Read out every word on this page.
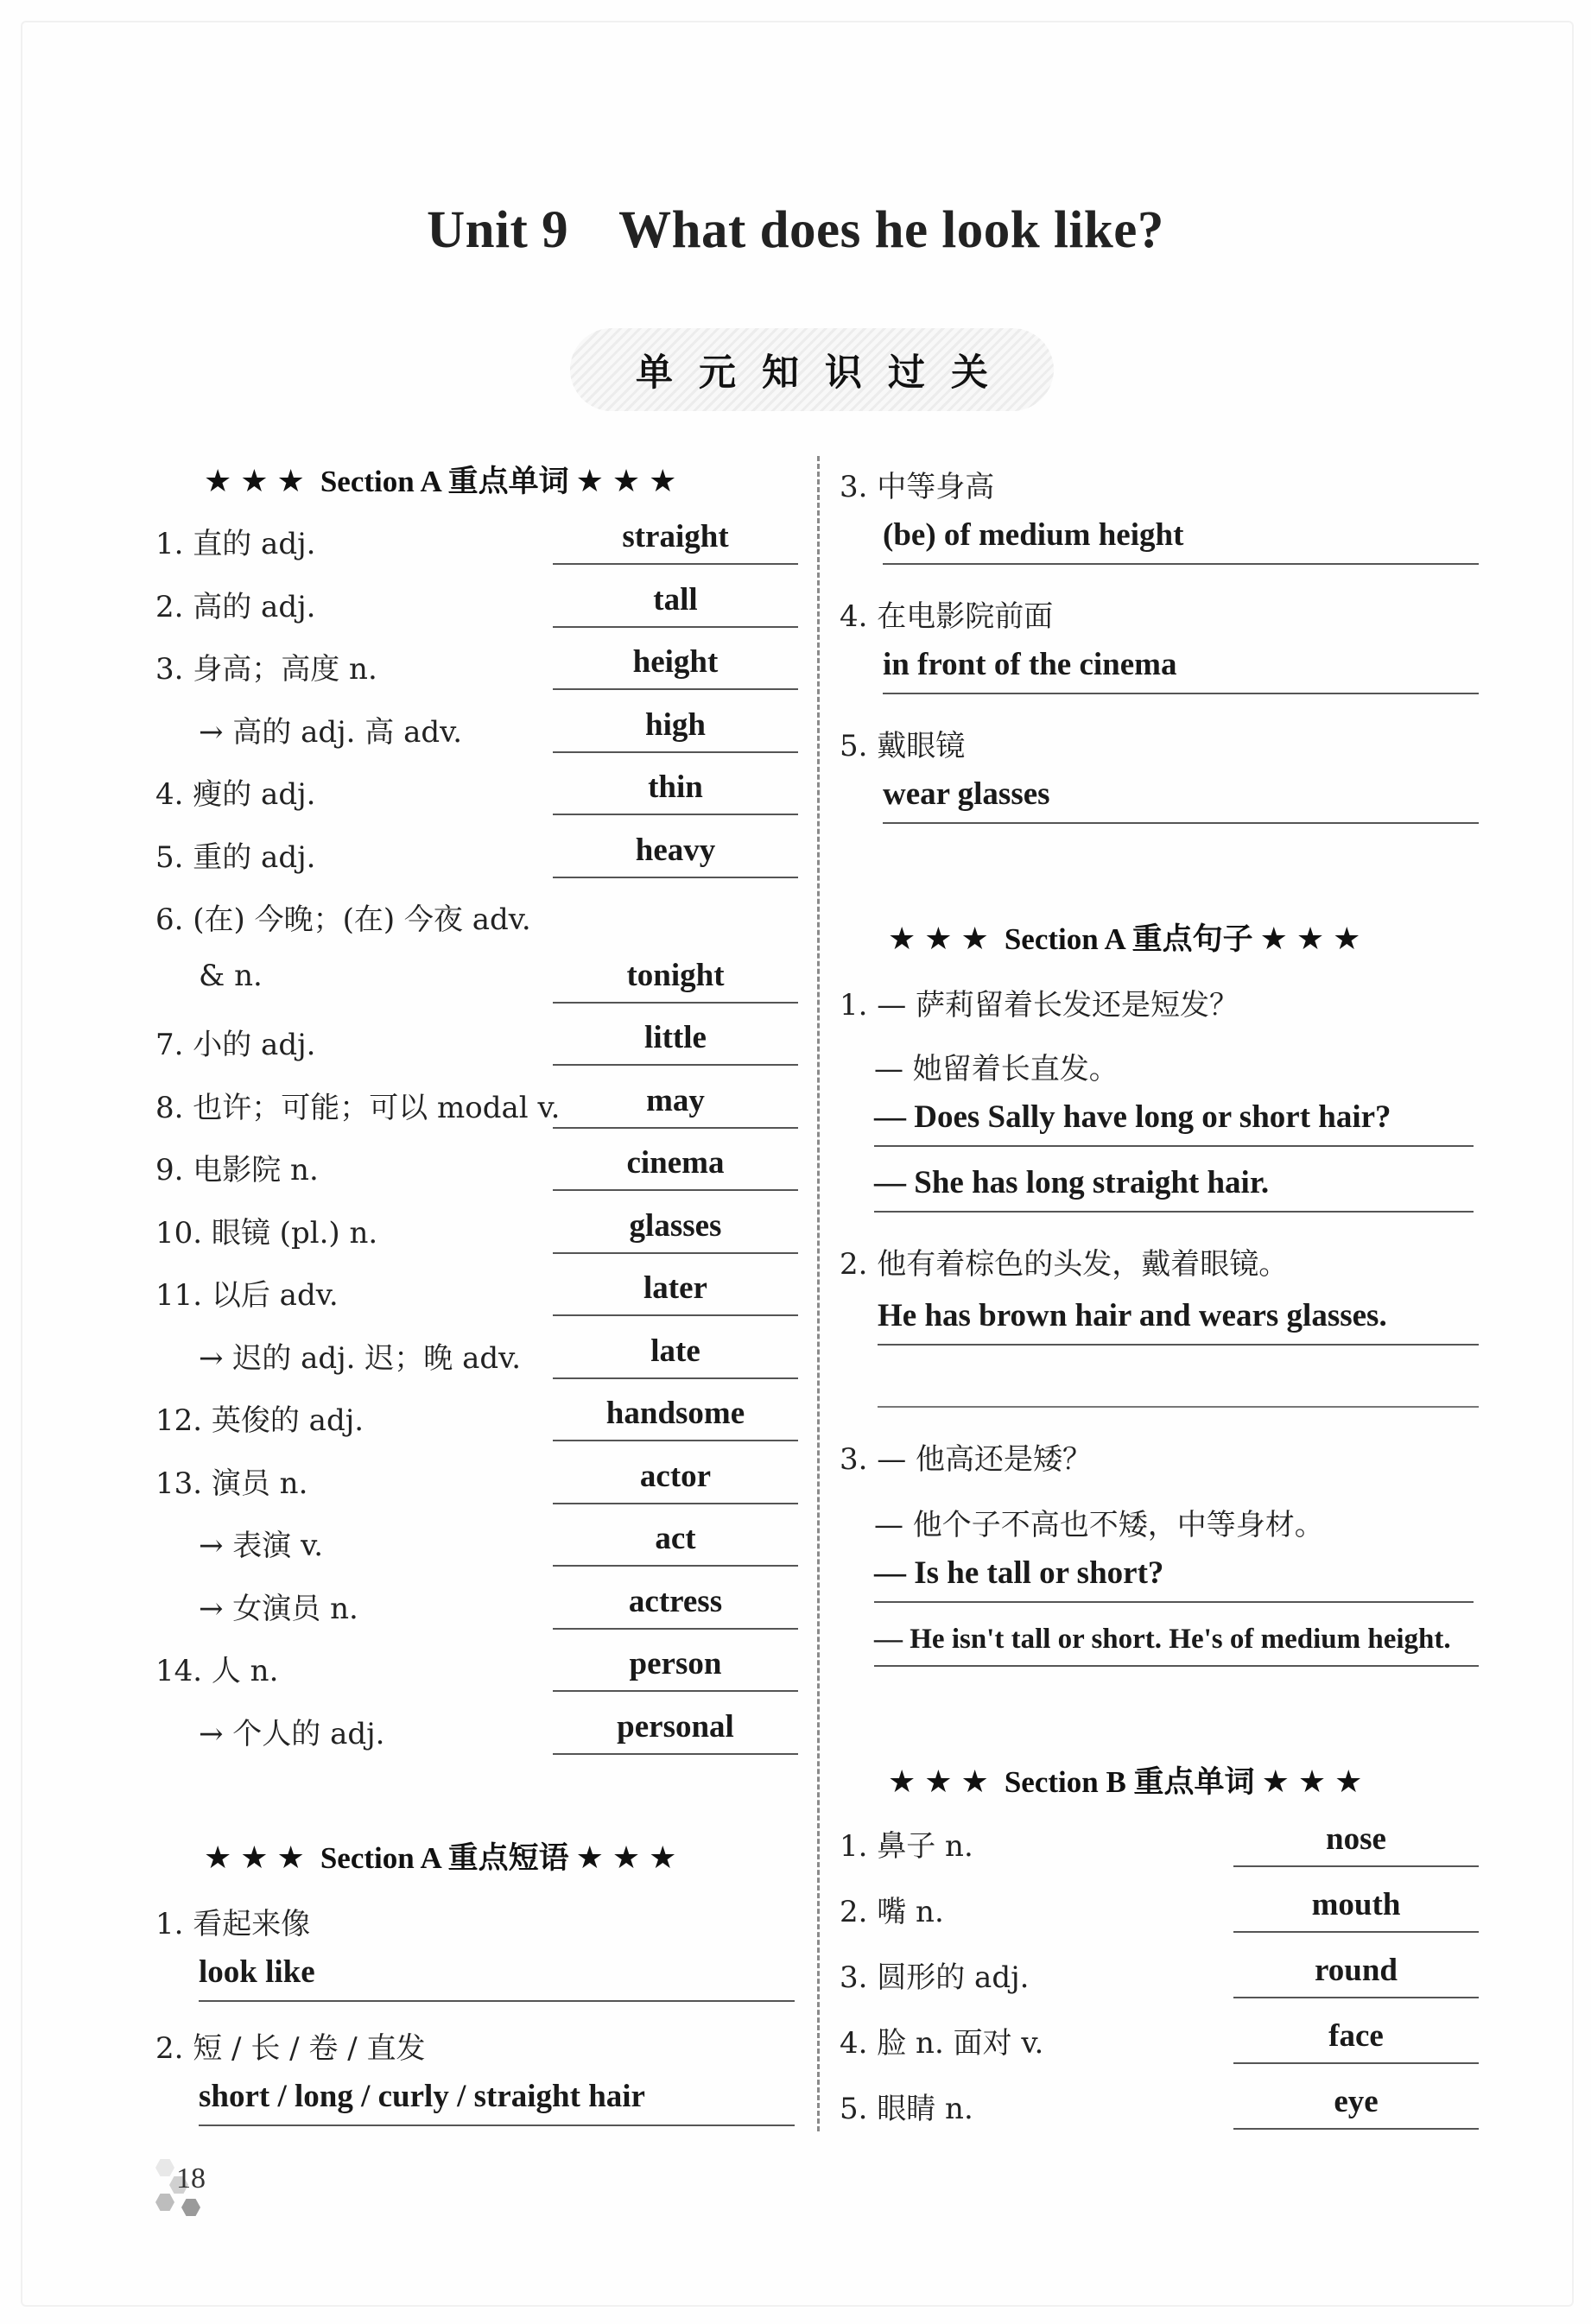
Unit 9 What does he look like?
单元知识过关
★★★ Section A 重点单词 ★★★
1. 直的 adj.	straight
2. 高的 adj.	tall
3. 身高；高度 n.	height
→ 高的 adj. 高 adv.	high
4. 瘦的 adj.	thin
5. 重的 adj.	heavy
6. (在) 今晚；(在) 今夜 adv.
& n.	tonight
7. 小的 adj.	little
8. 也许；可能；可以 modal v.	may
9. 电影院 n.	cinema
10. 眼镜 (pl.) n.	glasses
11. 以后 adv.	later
→ 迟的 adj. 迟；晚 adv.	late
12. 英俊的 adj.	handsome
13. 演员 n.	actor
→ 表演 v.	act
→ 女演员 n.	actress
14. 人 n.	person
→ 个人的 adj.	personal
★★★ Section A 重点短语 ★★★
1. 看起来像
look like
2. 短 / 长 / 卷 / 直发
short / long / curly / straight hair
3. 中等身高
(be) of medium height
4. 在电影院前面
in front of the cinema
5. 戴眼镜
wear glasses
★★★ Section A 重点句子 ★★★
1. — 萨莉留着长发还是短发？
— 她留着长直发。
— Does Sally have long or short hair?
— She has long straight hair.
2. 他有着棕色的头发，戴着眼镜。
He has brown hair and wears glasses.
3. — 他高还是矮？
— 他个子不高也不矮，中等身材。
— Is he tall or short?
— He isn't tall or short. He's of medium height.
★★★ Section B 重点单词 ★★★
1. 鼻子 n.	nose
2. 嘴 n.	mouth
3. 圆形的 adj.	round
4. 脸 n. 面对 v.	face
5. 眼睛 n.	eye
18
